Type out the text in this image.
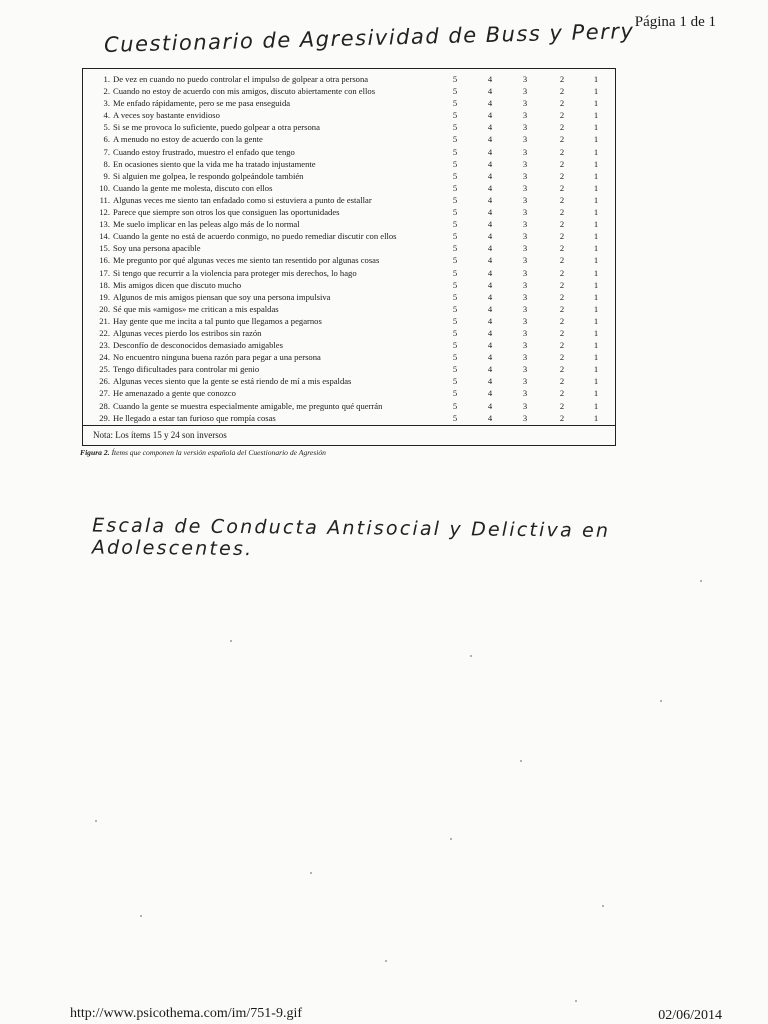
Página 1 de 1
Cuestionario de Agresividad de Buss y Perry
1. De vez en cuando no puedo controlar el impulso de golpear a otra persona	5	4	3	2	1
2. Cuando no estoy de acuerdo con mis amigos, discuto abiertamente con ellos	5	4	3	2	1
3. Me enfado rápidamente, pero se me pasa enseguida	5	4	3	2	1
4. A veces soy bastante envidioso	5	4	3	2	1
5. Si se me provoca lo suficiente, puedo golpear a otra persona	5	4	3	2	1
6. A menudo no estoy de acuerdo con la gente	5	4	3	2	1
7. Cuando estoy frustrado, muestro el enfado que tengo	5	4	3	2	1
8. En ocasiones siento que la vida me ha tratado injustamente	5	4	3	2	1
9. Si alguien me golpea, le respondo golpeándole también	5	4	3	2	1
10. Cuando la gente me molesta, discuto con ellos	5	4	3	2	1
11. Algunas veces me siento tan enfadado como si estuviera a punto de estallar	5	4	3	2	1
12. Parece que siempre son otros los que consiguen las oportunidades	5	4	3	2	1
13. Me suelo implicar en las peleas algo más de lo normal	5	4	3	2	1
14. Cuando la gente no está de acuerdo conmigo, no puedo remediar discutir con ellos	5	4	3	2	1
15. Soy una persona apacible	5	4	3	2	1
16. Me pregunto por qué algunas veces me siento tan resentido por algunas cosas	5	4	3	2	1
17. Si tengo que recurrir a la violencia para proteger mis derechos, lo hago	5	4	3	2	1
18. Mis amigos dicen que discuto mucho	5	4	3	2	1
19. Algunos de mis amigos piensan que soy una persona impulsiva	5	4	3	2	1
20. Sé que mis «amigos» me critican a mis espaldas	5	4	3	2	1
21. Hay gente que me incita a tal punto que llegamos a pegarnos	5	4	3	2	1
22. Algunas veces pierdo los estribos sin razón	5	4	3	2	1
23. Desconfío de desconocidos demasiado amigables	5	4	3	2	1
24. No encuentro ninguna buena razón para pegar a una persona	5	4	3	2	1
25. Tengo dificultades para controlar mi genio	5	4	3	2	1
26. Algunas veces siento que la gente se está riendo de mí a mis espaldas	5	4	3	2	1
27. He amenazado a gente que conozco	5	4	3	2	1
28. Cuando la gente se muestra especialmente amigable, me pregunto qué querrán	5	4	3	2	1
29. He llegado a estar tan furioso que rompía cosas	5	4	3	2	1
Nota: Los ítems 15 y 24 son inversos
Figura 2. Ítems que componen la versión española del Cuestionario de Agresión
Escala de Conducta Antisocial y Delictiva en Adolescentes.
http://www.psicothema.com/im/751-9.gif	02/06/2014
